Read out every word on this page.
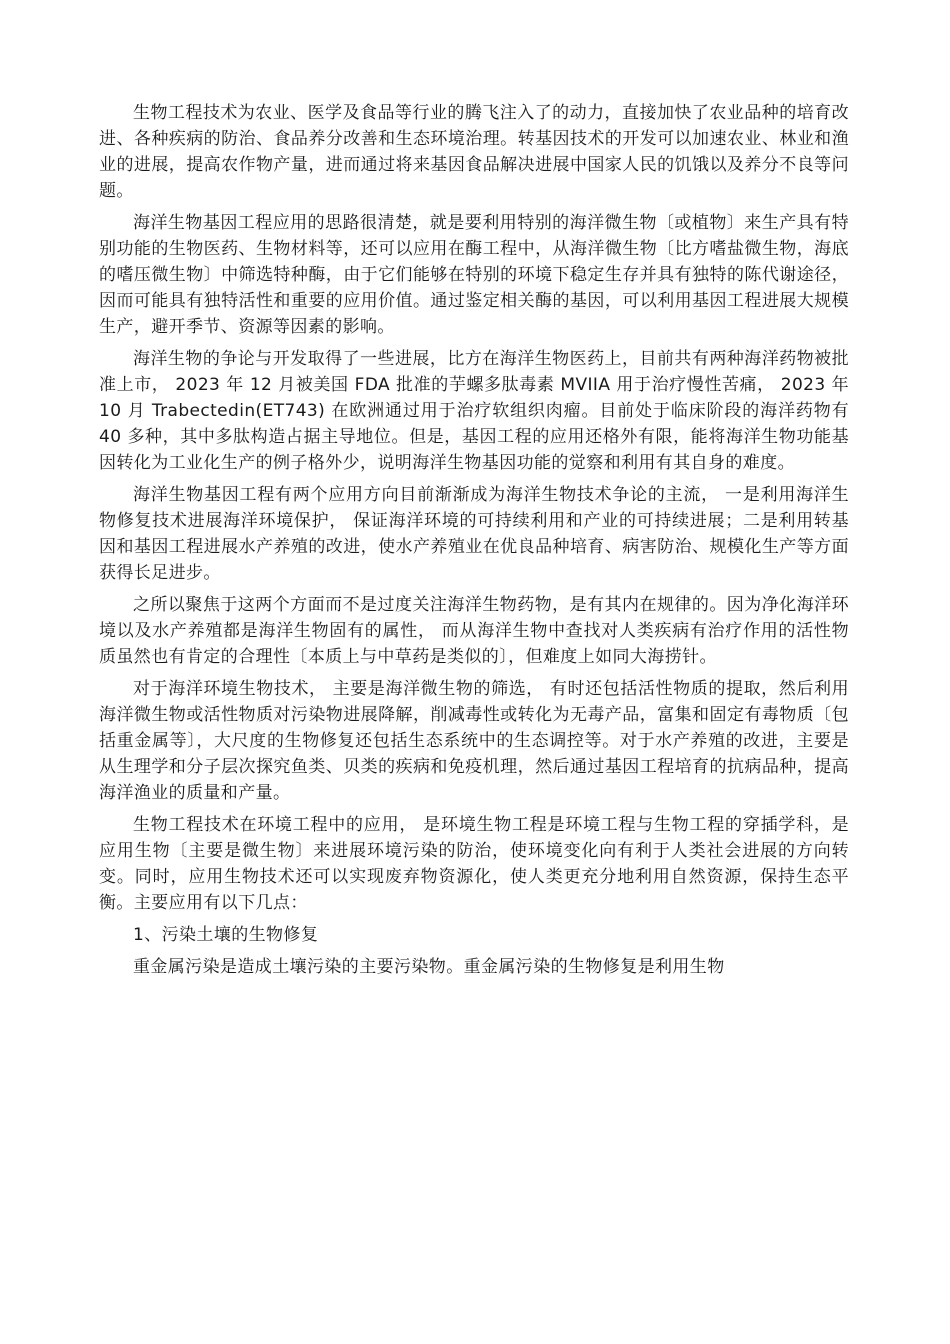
生物工程技术为农业、医学及食品等行业的腾飞注入了的动力，直接加快了农业品种的培育改进、各种疾病的防治、食品养分改善和生态环境治理。转基因技术的开发可以加速农业、林业和渔业的进展，提高农作物产量，进而通过将来基因食品解决进展中国家人民的饥饿以及养分不良等问题。

海洋生物基因工程应用的思路很清楚，就是要利用特别的海洋微生物〔或植物〕来生产具有特别功能的生物医药、生物材料等，还可以应用在酶工程中，从海洋微生物〔比方嗜盐微生物，海底的嗜压微生物〕中筛选特种酶，由于它们能够在特别的环境下稳定生存并具有独特的陈代谢途径，因而可能具有独特活性和重要的应用价值。通过鉴定相关酶的基因，可以利用基因工程进展大规模生产，避开季节、资源等因素的影响。

海洋生物的争论与开发取得了一些进展，比方在海洋生物医药上，目前共有两种海洋药物被批准上市， 2023 年 12 月被美国 FDA 批准的芋螺多肽毒素 MVIIA 用于治疗慢性苦痛， 2023 年 10 月 Trabectedin(ET743) 在欧洲通过用于治疗软组织肉瘤。目前处于临床阶段的海洋药物有 40 多种，其中多肽构造占据主导地位。但是，基因工程的应用还格外有限，能将海洋生物功能基因转化为工业化生产的例子格外少，说明海洋生物基因功能的觉察和利用有其自身的难度。

海洋生物基因工程有两个应用方向目前渐渐成为海洋生物技术争论的主流， 一是利用海洋生物修复技术进展海洋环境保护， 保证海洋环境的可持续利用和产业的可持续进展；二是利用转基因和基因工程进展水产养殖的改进，使水产养殖业在优良品种培育、病害防治、规模化生产等方面获得长足进步。

之所以聚焦于这两个方面而不是过度关注海洋生物药物，是有其内在规律的。因为净化海洋环境以及水产养殖都是海洋生物固有的属性， 而从海洋生物中查找对人类疾病有治疗作用的活性物质虽然也有肯定的合理性〔本质上与中草药是类似的〕，但难度上如同大海捞针。

对于海洋环境生物技术， 主要是海洋微生物的筛选， 有时还包括活性物质的提取，然后利用海洋微生物或活性物质对污染物进展降解，削减毒性或转化为无毒产品，富集和固定有毒物质〔包括重金属等〕，大尺度的生物修复还包括生态系统中的生态调控等。对于水产养殖的改进，主要是从生理学和分子层次探究鱼类、贝类的疾病和免疫机理，然后通过基因工程培育的抗病品种，提高海洋渔业的质量和产量。

生物工程技术在环境工程中的应用， 是环境生物工程是环境工程与生物工程的穿插学科，是应用生物〔主要是微生物〕来进展环境污染的防治，使环境变化向有利于人类社会进展的方向转变。同时，应用生物技术还可以实现废弃物资源化，使人类更充分地利用自然资源，保持生态平衡。主要应用有以下几点：

1、污染土壤的生物修复

重金属污染是造成土壤污染的主要污染物。重金属污染的生物修复是利用生物
